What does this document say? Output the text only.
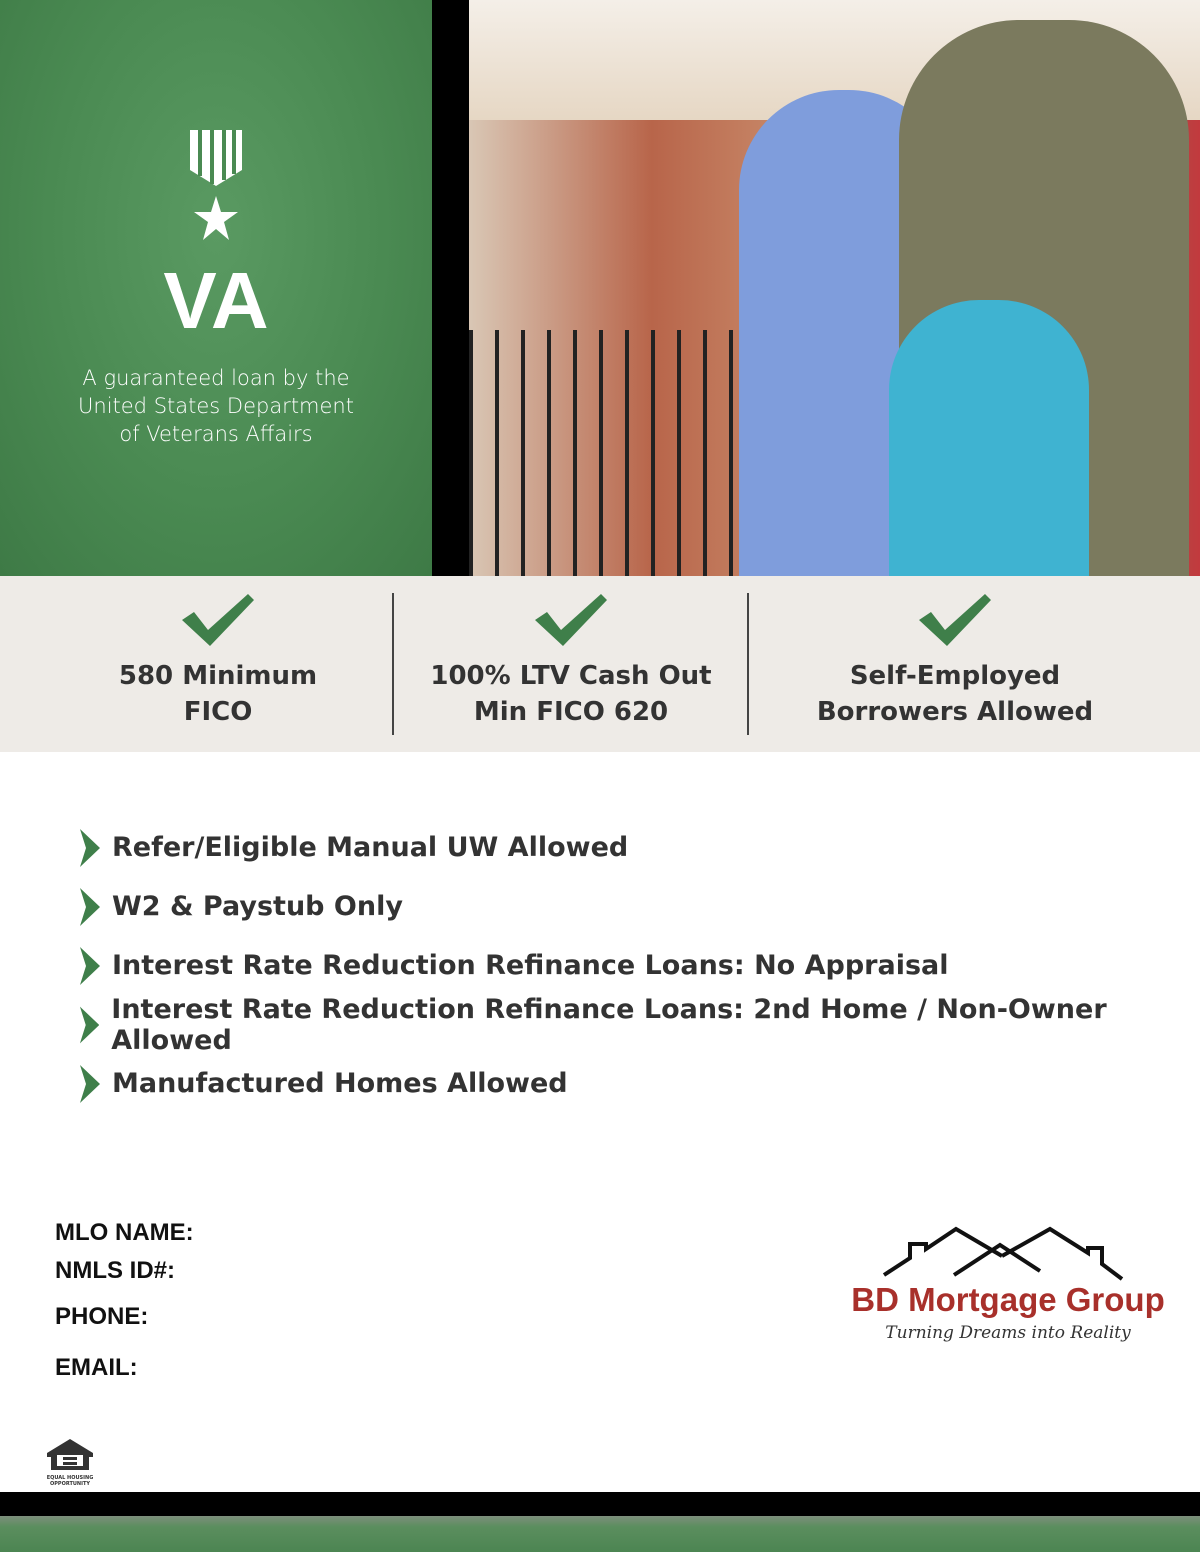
VA
A guaranteed loan by the
United States Department
of Veterans Affairs
580 Minimum
FICO
100% LTV Cash Out
Min FICO 620
Self-Employed
Borrowers Allowed
Refer/Eligible Manual UW Allowed
W2 & Paystub Only
Interest Rate Reduction Refinance Loans: No Appraisal
Interest Rate Reduction Refinance Loans: 2nd Home / Non-Owner Allowed
Manufactured Homes Allowed
MLO NAME:
NMLS ID#:
PHONE:
EMAIL:
BD Mortgage Group
Turning Dreams into Reality
EQUAL HOUSING
OPPORTUNITY
